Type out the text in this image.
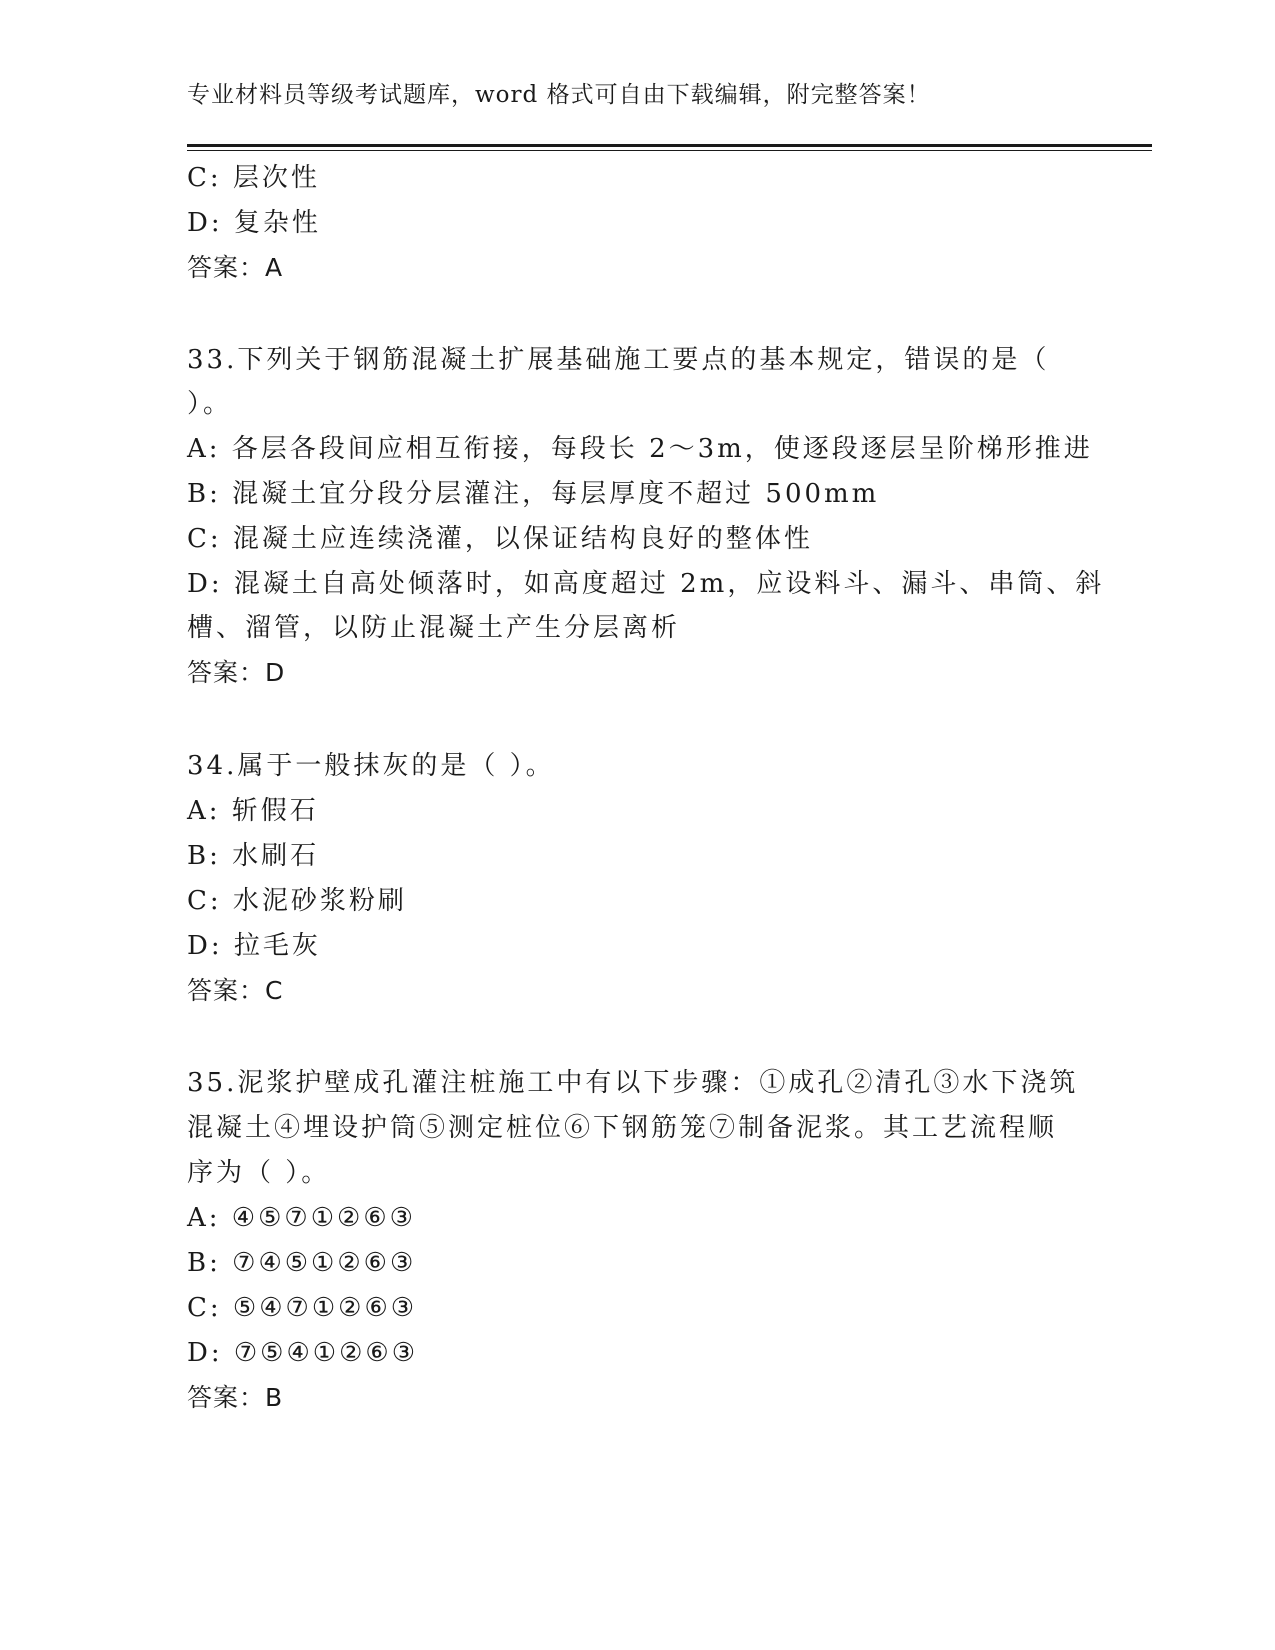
专业材料员等级考试题库，word 格式可自由下载编辑，附完整答案！
C: 层次性
D: 复杂性
答案：A
33.下列关于钢筋混凝土扩展基础施工要点的基本规定，错误的是（
）。
A: 各层各段间应相互衔接，每段长 2～3m，使逐段逐层呈阶梯形推进
B: 混凝土宜分段分层灌注，每层厚度不超过 500mm
C: 混凝土应连续浇灌，以保证结构良好的整体性
D: 混凝土自高处倾落时，如高度超过 2m，应设料斗、漏斗、串筒、斜
槽、溜管，以防止混凝土产生分层离析
答案：D
34.属于一般抹灰的是（ ）。
A: 斩假石
B: 水刷石
C: 水泥砂浆粉刷
D: 拉毛灰
答案：C
35.泥浆护壁成孔灌注桩施工中有以下步骤：①成孔②清孔③水下浇筑
混凝土④埋设护筒⑤测定桩位⑥下钢筋笼⑦制备泥浆。其工艺流程顺
序为（ ）。
A: ④⑤⑦①②⑥③
B: ⑦④⑤①②⑥③
C: ⑤④⑦①②⑥③
D: ⑦⑤④①②⑥③
答案：B
